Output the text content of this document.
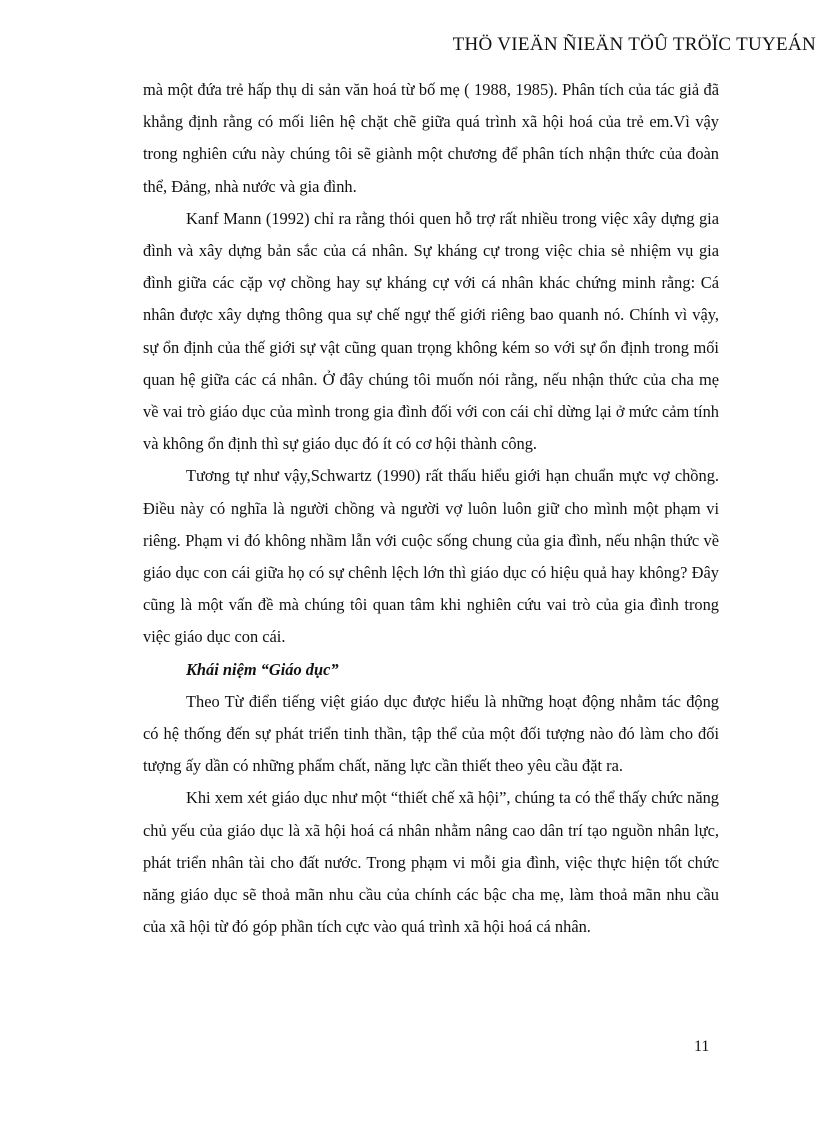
THÖ VIEÄN ÑIEÄN TÖÛ TRÖÏC TUYEÁN

mà một đứa trẻ hấp thụ di sản văn hoá từ bố mẹ ( 1988, 1985). Phân tích của tác giả đã khẳng định rằng có mối liên hệ chặt chẽ giữa quá trình xã hội hoá của trẻ em.Vì vậy trong nghiên cứu này chúng tôi sẽ giành một chương để phân tích nhận thức của đoàn thể, Đảng, nhà nước và gia đình.

Kanf Mann (1992) chỉ ra rằng thói quen hỗ trợ rất nhiều trong việc xây dựng gia đình và xây dựng bản sắc của cá nhân. Sự kháng cự trong việc chia sẻ nhiệm vụ gia đình giữa các cặp vợ chồng hay sự kháng cự với cá nhân khác chứng minh rằng: Cá nhân được xây dựng thông qua sự chế ngự thế giới riêng bao quanh nó. Chính vì vậy, sự ổn định của thế giới sự vật cũng quan trọng không kém so với sự ổn định trong mối quan hệ giữa các cá nhân. Ở đây chúng tôi muốn nói rằng, nếu nhận thức của cha mẹ về vai trò giáo dục của mình trong gia đình đối với con cái chỉ dừng lại ở mức cảm tính và không ổn định thì sự giáo dục đó ít có cơ hội thành công.

Tương tự như vậy,Schwartz (1990) rất thấu hiểu giới hạn chuẩn mực vợ chồng. Điều này có nghĩa là người chồng và người vợ luôn luôn giữ cho mình một phạm vi riêng. Phạm vi đó không nhầm lẫn với cuộc sống chung của gia đình, nếu nhận thức về giáo dục con cái giữa họ có sự chênh lệch lớn thì giáo dục có hiệu quả hay không? Đây cũng là một vấn đề mà chúng tôi quan tâm khi nghiên cứu vai trò của gia đình trong việc giáo dục con cái.

Khái niệm “Giáo dục”

Theo Từ điển tiếng việt giáo dục được hiểu là những hoạt động nhằm tác động có hệ thống đến sự phát triển tinh thần, tập thể của một đối tượng nào đó làm cho đối tượng ấy dần có những phẩm chất, năng lực cần thiết theo yêu cầu đặt ra.

Khi xem xét giáo dục như một “thiết chế xã hội”, chúng ta có thể thấy chức năng chủ yếu của giáo dục là xã hội hoá cá nhân nhằm nâng cao dân trí tạo nguồn nhân lực, phát triển nhân tài cho đất nước. Trong phạm vi mỗi gia đình, việc thực hiện tốt chức năng giáo dục sẽ thoả mãn nhu cầu của chính các bậc cha mẹ, làm thoả mãn nhu cầu của xã hội từ đó góp phần tích cực vào quá trình xã hội hoá cá nhân.

11
